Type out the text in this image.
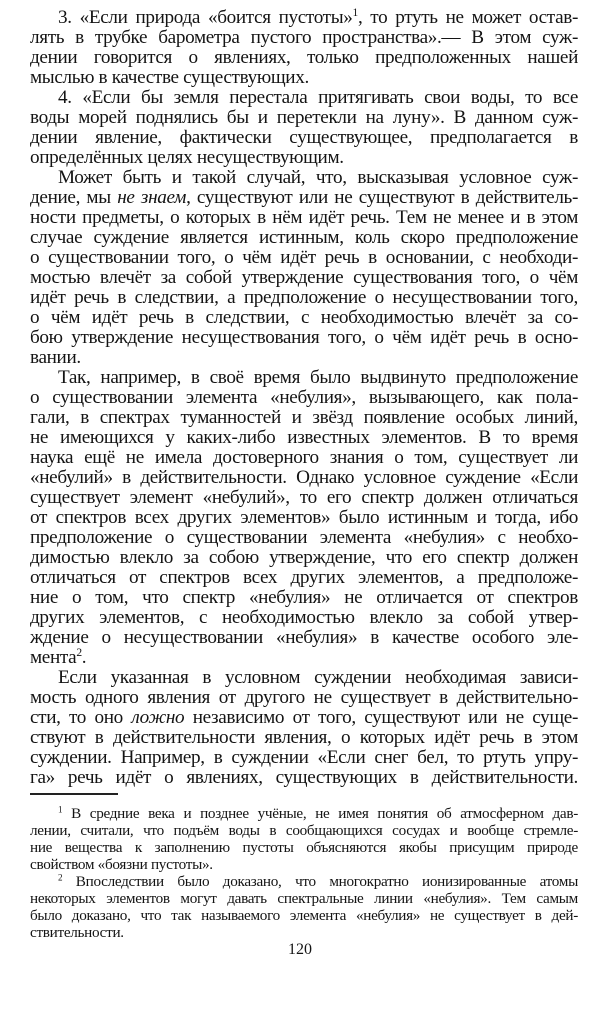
3. «Если природа «боится пустоты»$^1$, то ртуть не может остав-
лять в трубке барометра пустого пространства».— В этом суж-
дении говорится о явлениях, только предположенных нашей
мыслью в качестве существующих.
4. «Если бы земля перестала притягивать свои воды, то все
воды морей поднялись бы и перетекли на луну». В данном суж-
дении явление, фактически существующее, предполагается в
определённых целях несуществующим.
Может быть и такой случай, что, высказывая условное суж-
дение, мы не знаем, существуют или не существуют в действитель-
ности предметы, о которых в нём идёт речь. Тем не менее и в этом
случае суждение является истинным, коль скоро предположение
о существовании того, о чём идёт речь в основании, с необходи-
мостью влечёт за собой утверждение существования того, о чём
идёт речь в следствии, а предположение о несуществовании того,
о чём идёт речь в следствии, с необходимостью влечёт за со-
бою утверждение несуществования того, о чём идёт речь в осно-
вании.
Так, например, в своё время было выдвинуто предположение
о существовании элемента «небулия», вызывающего, как пола-
гали, в спектрах туманностей и звёзд появление особых линий,
не имеющихся у каких-либо известных элементов. В то время
наука ещё не имела достоверного знания о том, существует ли
«небулий» в действительности. Однако условное суждение «Если
существует элемент «небулий», то его спектр должен отличаться
от спектров всех других элементов» было истинным и тогда, ибо
предположение о существовании элемента «небулия» с необхо-
димостью влекло за собою утверждение, что его спектр должен
отличаться от спектров всех других элементов, а предположе-
ние о том, что спектр «небулия» не отличается от спектров
других элементов, с необходимостью влекло за собой утвер-
ждение о несуществовании «небулия» в качестве особого эле-
мента$^2$.
Если указанная в условном суждении необходимая зависи-
мость одного явления от другого не существует в действительно-
сти, то оно ложно независимо от того, существуют или не суще-
ствуют в действительности явления, о которых идёт речь в этом
суждении. Например, в суждении «Если снег бел, то ртуть упру-
га» речь идёт о явлениях, существующих в действительности.
$^1$ В средние века и позднее учёные, не имея понятия об атмосферном дав-
лении, считали, что подъём воды в сообщающихся сосудах и вообще стремле-
ние вещества к заполнению пустоты объясняются якобы присущим природе
свойством «боязни пустоты».
$^2$ Впоследствии было доказано, что многократно ионизированные атомы
некоторых элементов могут давать спектральные линии «небулия». Тем самым
было доказано, что так называемого элемента «небулия» не существует в дей-
ствительности.
120
